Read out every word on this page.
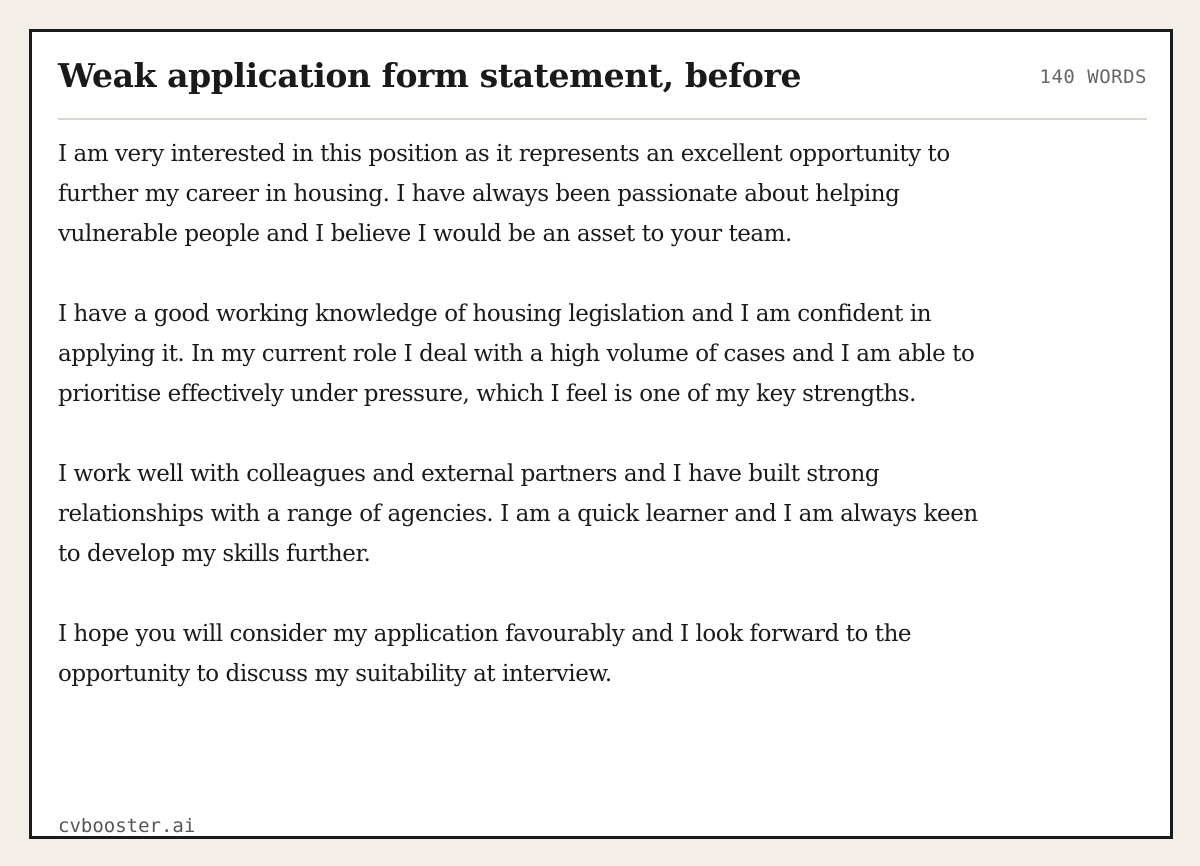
Weak application form statement, before	140 WORDS

I am very interested in this position as it represents an excellent opportunity to further my career in housing. I have always been passionate about helping vulnerable people and I believe I would be an asset to your team.

I have a good working knowledge of housing legislation and I am confident in applying it. In my current role I deal with a high volume of cases and I am able to prioritise effectively under pressure, which I feel is one of my key strengths.

I work well with colleagues and external partners and I have built strong relationships with a range of agencies. I am a quick learner and I am always keen to develop my skills further.

I hope you will consider my application favourably and I look forward to the opportunity to discuss my suitability at interview.

cvbooster.ai
